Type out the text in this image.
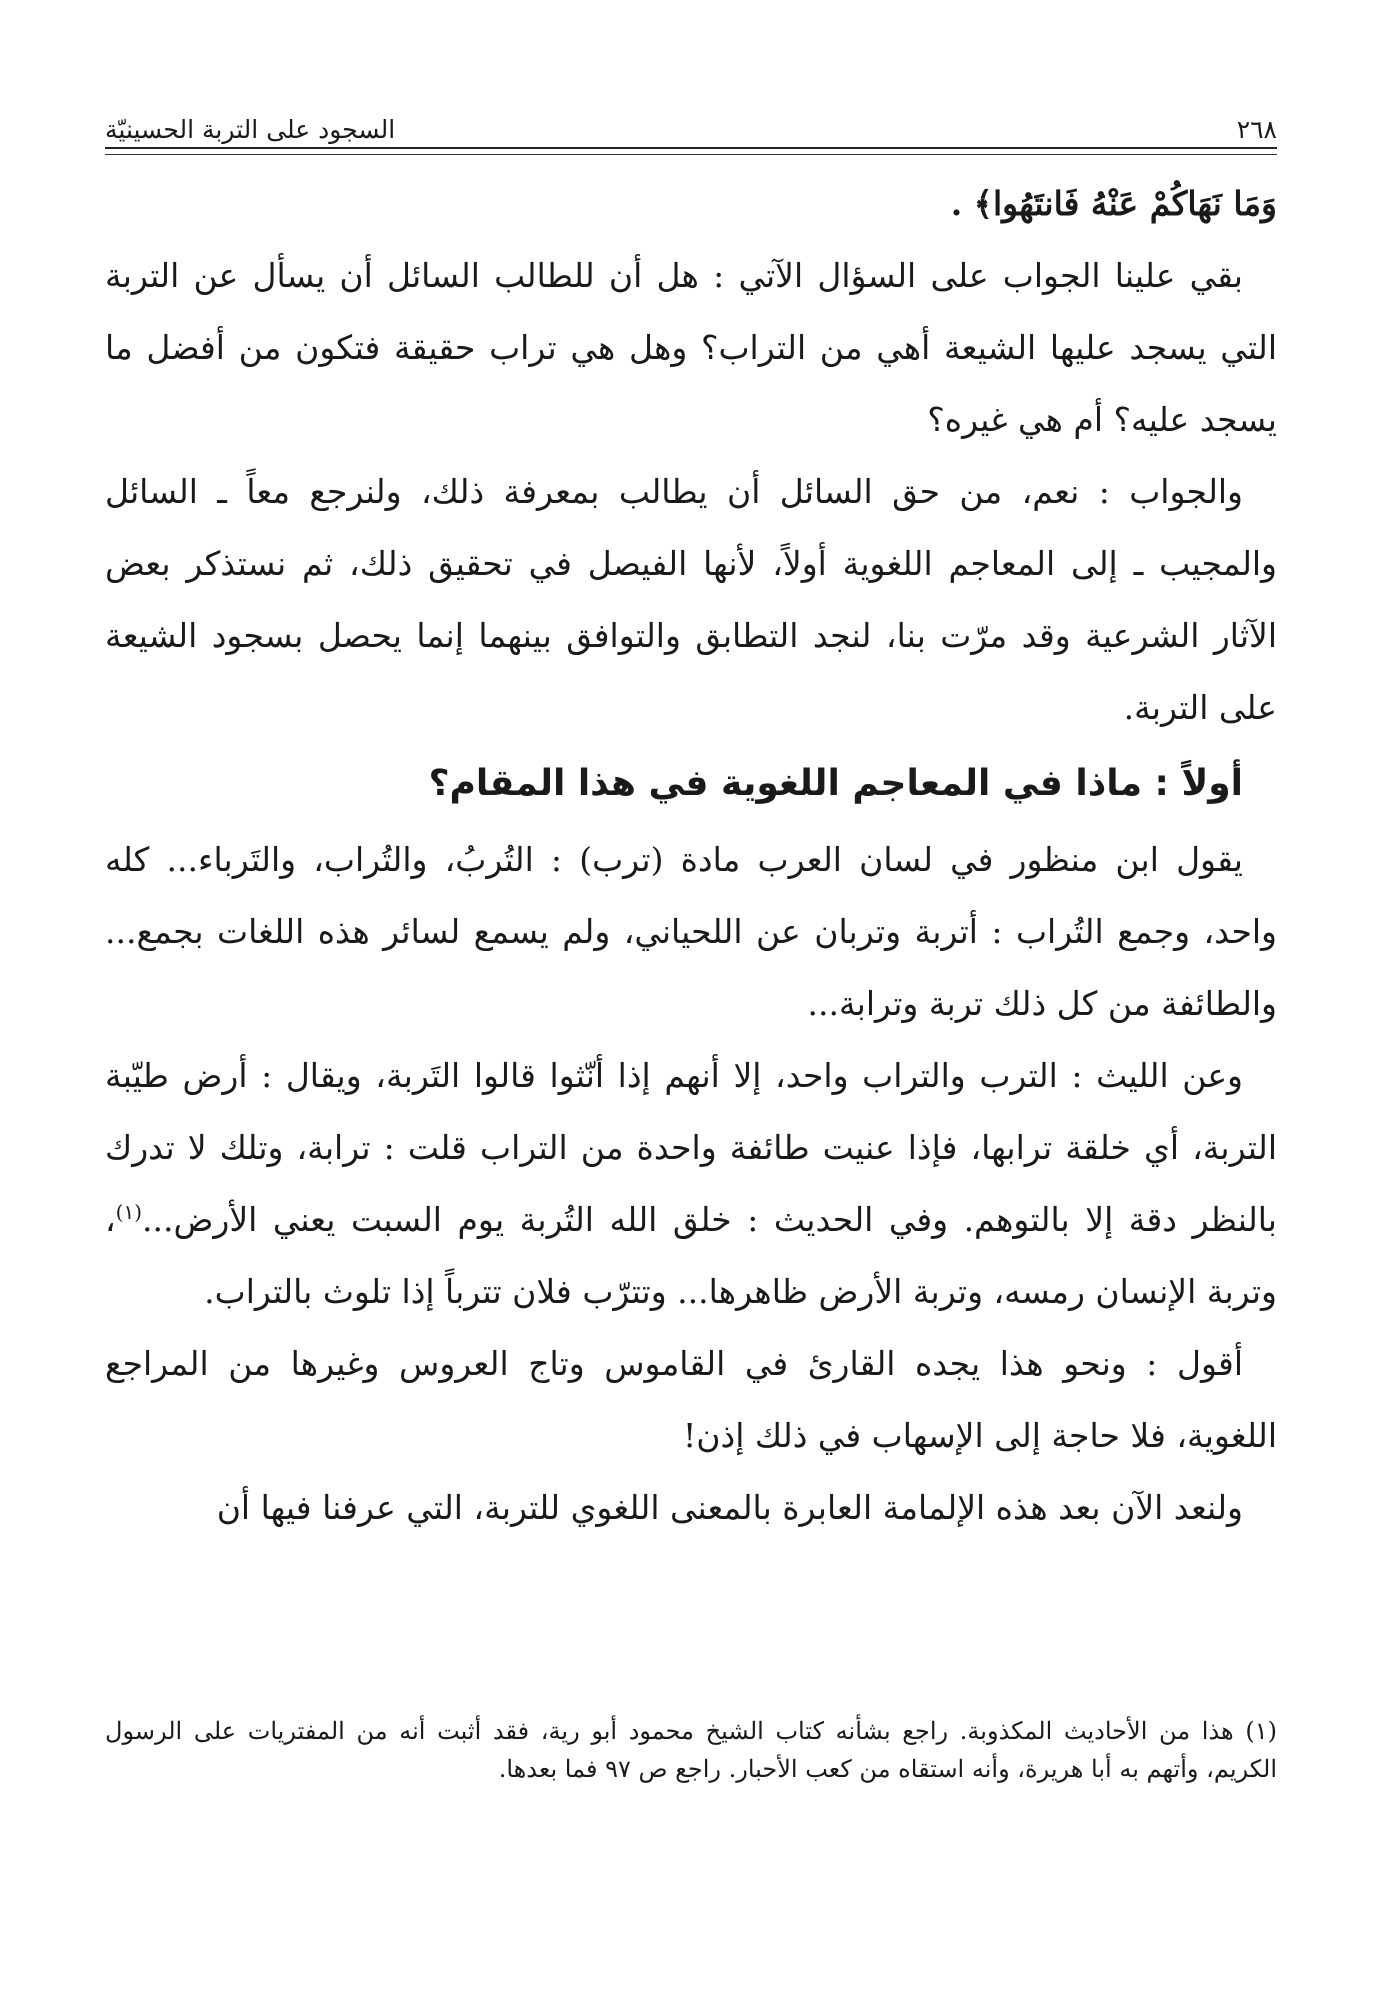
٢٦٨
السجود على التربة الحسينيّة

وَمَا نَهَاكُمْ عَنْهُ فَانتَهُوا﴾ .

بقي علينا الجواب على السؤال الآتي : هل أن للطالب السائل أن يسأل عن التربة التي يسجد عليها الشيعة أهي من التراب؟ وهل هي تراب حقيقة فتكون من أفضل ما يسجد عليه؟ أم هي غيره؟

والجواب : نعم، من حق السائل أن يطالب بمعرفة ذلك، ولنرجع معاً ـ السائل والمجيب ـ إلى المعاجم اللغوية أولاً، لأنها الفيصل في تحقيق ذلك، ثم نستذكر بعض الآثار الشرعية وقد مرّت بنا، لنجد التطابق والتوافق بينهما إنما يحصل بسجود الشيعة على التربة.

أولاً : ماذا في المعاجم اللغوية في هذا المقام؟

يقول ابن منظور في لسان العرب مادة (ترب) : التُربُ، والتُراب، والتَرباء... كله واحد، وجمع التُراب : أتربة وتربان عن اللحياني، ولم يسمع لسائر هذه اللغات بجمع... والطائفة من كل ذلك تربة وترابة...

وعن الليث : الترب والتراب واحد، إلا أنهم إذا أنّثوا قالوا التَربة، ويقال : أرض طيّبة التربة، أي خلقة ترابها، فإذا عنيت طائفة واحدة من التراب قلت : ترابة، وتلك لا تدرك بالنظر دقة إلا بالتوهم. وفي الحديث : خلق الله التُربة يوم السبت يعني الأرض...$^{(١)}$، وتربة الإنسان رمسه، وتربة الأرض ظاهرها... وتترّب فلان تترباً إذا تلوث بالتراب.

أقول : ونحو هذا يجده القارئ في القاموس وتاج العروس وغيرها من المراجع اللغوية، فلا حاجة إلى الإسهاب في ذلك إذن!

ولنعد الآن بعد هذه الإلمامة العابرة بالمعنى اللغوي للتربة، التي عرفنا فيها أن

(١) هذا من الأحاديث المكذوبة. راجع بشأنه كتاب الشيخ محمود أبو رية، فقد أثبت أنه من المفتريات على الرسول الكريم، وأتهم به أبا هريرة، وأنه استقاه من كعب الأحبار. راجع ص ٩٧ فما بعدها.
